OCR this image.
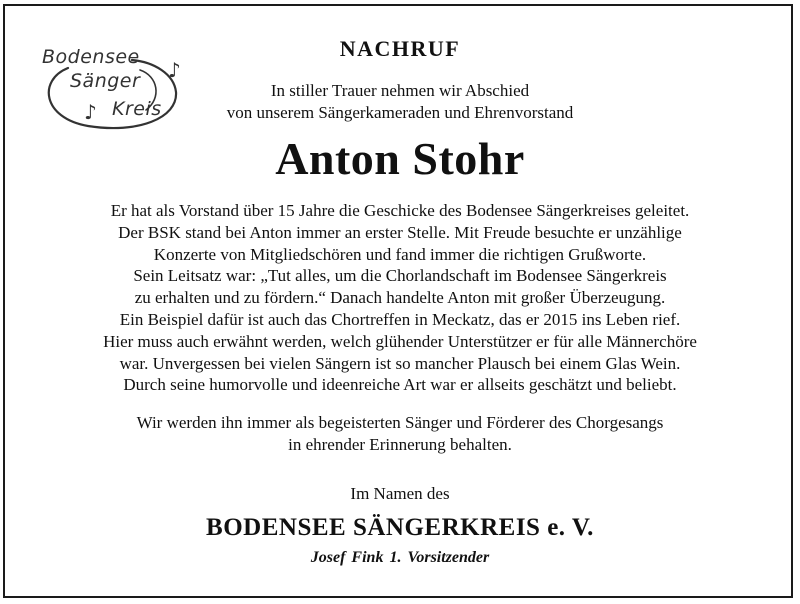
Bodensee
Sänger
Kreis
♪
♪
NACHRUF
In stiller Trauer nehmen wir Abschied
von unserem Sängerkameraden und Ehrenvorstand
Anton Stohr
Er hat als Vorstand über 15 Jahre die Geschicke des Bodensee Sängerkreises geleitet.
Der BSK stand bei Anton immer an erster Stelle. Mit Freude besuchte er unzählige
Konzerte von Mitgliedschören und fand immer die richtigen Grußworte.
Sein Leitsatz war: „Tut alles, um die Chorlandschaft im Bodensee Sängerkreis
zu erhalten und zu fördern.“ Danach handelte Anton mit großer Überzeugung.
Ein Beispiel dafür ist auch das Chortreffen in Meckatz, das er 2015 ins Leben rief.
Hier muss auch erwähnt werden, welch glühender Unterstützer er für alle Männerchöre
war. Unvergessen bei vielen Sängern ist so mancher Plausch bei einem Glas Wein.
Durch seine humorvolle und ideenreiche Art war er allseits geschätzt und beliebt.
Wir werden ihn immer als begeisterten Sänger und Förderer des Chorgesangs
in ehrender Erinnerung behalten.
Im Namen des
BODENSEE SÄNGERKREIS e. V.
Josef Fink 1. Vorsitzender
